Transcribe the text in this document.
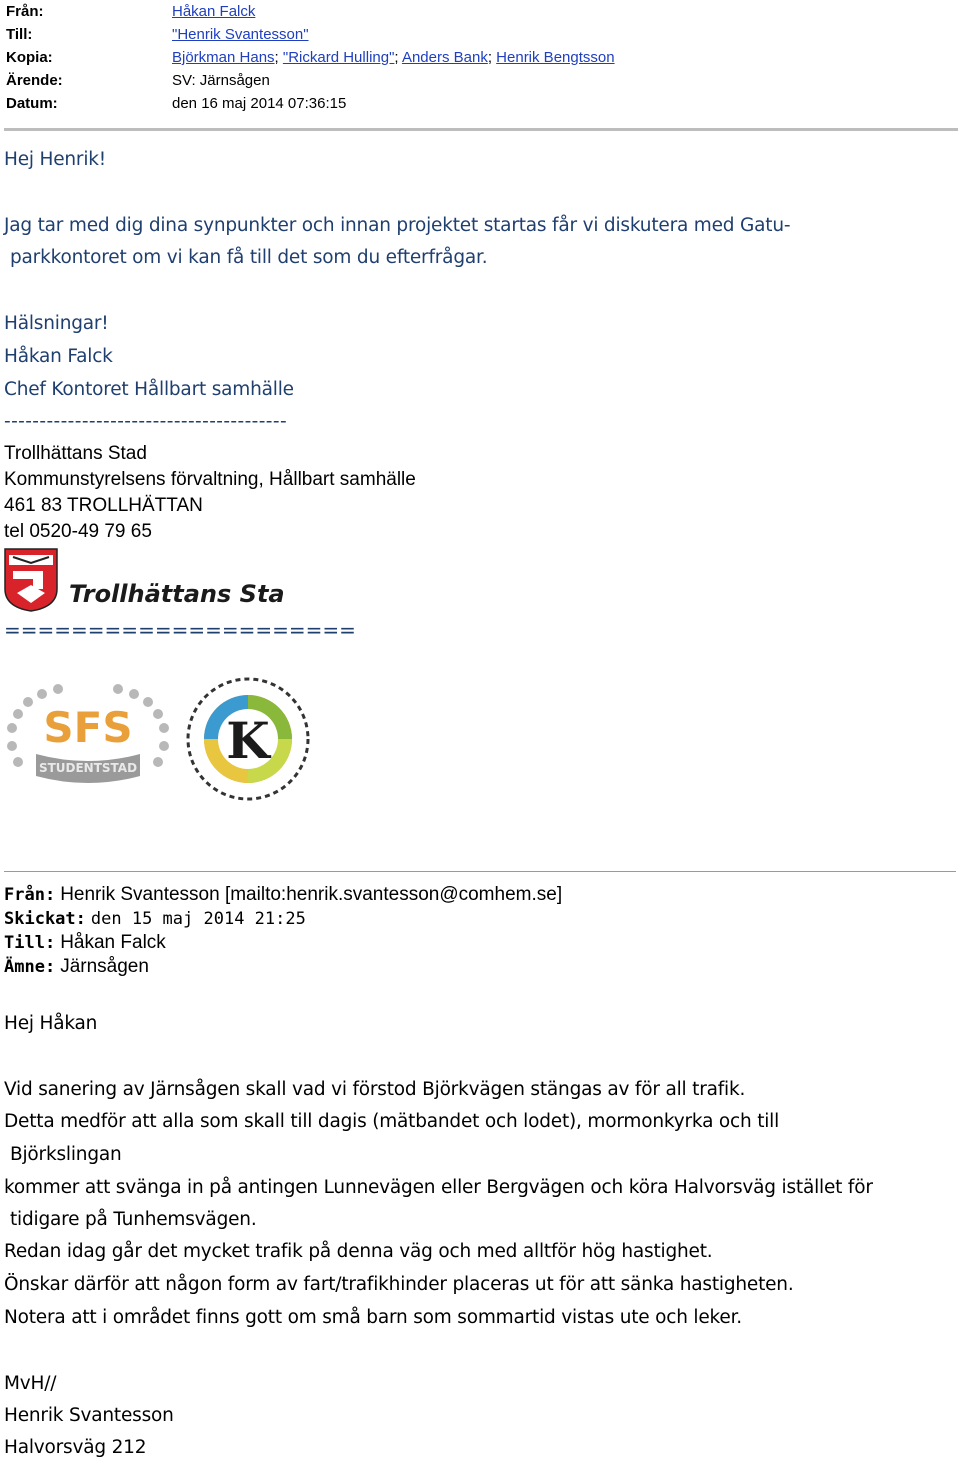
Från:	Håkan Falck
Till:	"Henrik Svantesson"
Kopia:	Björkman Hans; "Rickard Hulling"; Anders Bank; Henrik Bengtsson
Ärende:	SV: Järnsågen
Datum:	den 16 maj 2014 07:36:15
Hej Henrik!
Jag tar med dig dina synpunkter och innan projektet startas får vi diskutera med Gatu-
parkkontoret om vi kan få till det som du efterfrågar.
Hälsningar!
Håkan Falck
Chef Kontoret Hållbart samhälle
----------------------------------------
Trollhättans Stad
Kommunstyrelsens förvaltning, Hållbart samhälle
461 83 TROLLHÄTTAN
tel 0520-49 79 65
Trollhättans Stad
=====================
SFS
STUDENTSTAD
2014/15
K
Från: Henrik Svantesson [mailto:henrik.svantesson@comhem.se]
Skickat: den 15 maj 2014 21:25
Till: Håkan Falck
Ämne: Järnsågen
Hej Håkan
Vid sanering av Järnsågen skall vad vi förstod Björkvägen stängas av för all trafik.
Detta medför att alla som skall till dagis (mätbandet och lodet), mormonkyrka och till
Björkslingan
kommer att svänga in på antingen Lunnevägen eller Bergvägen och köra Halvorsväg istället för
tidigare på Tunhemsvägen.
Redan idag går det mycket trafik på denna väg och med alltför hög hastighet.
Önskar därför att någon form av fart/trafikhinder placeras ut för att sänka hastigheten.
Notera att i området finns gott om små barn som sommartid vistas ute och leker.
MvH//
Henrik Svantesson
Halvorsväg 212
